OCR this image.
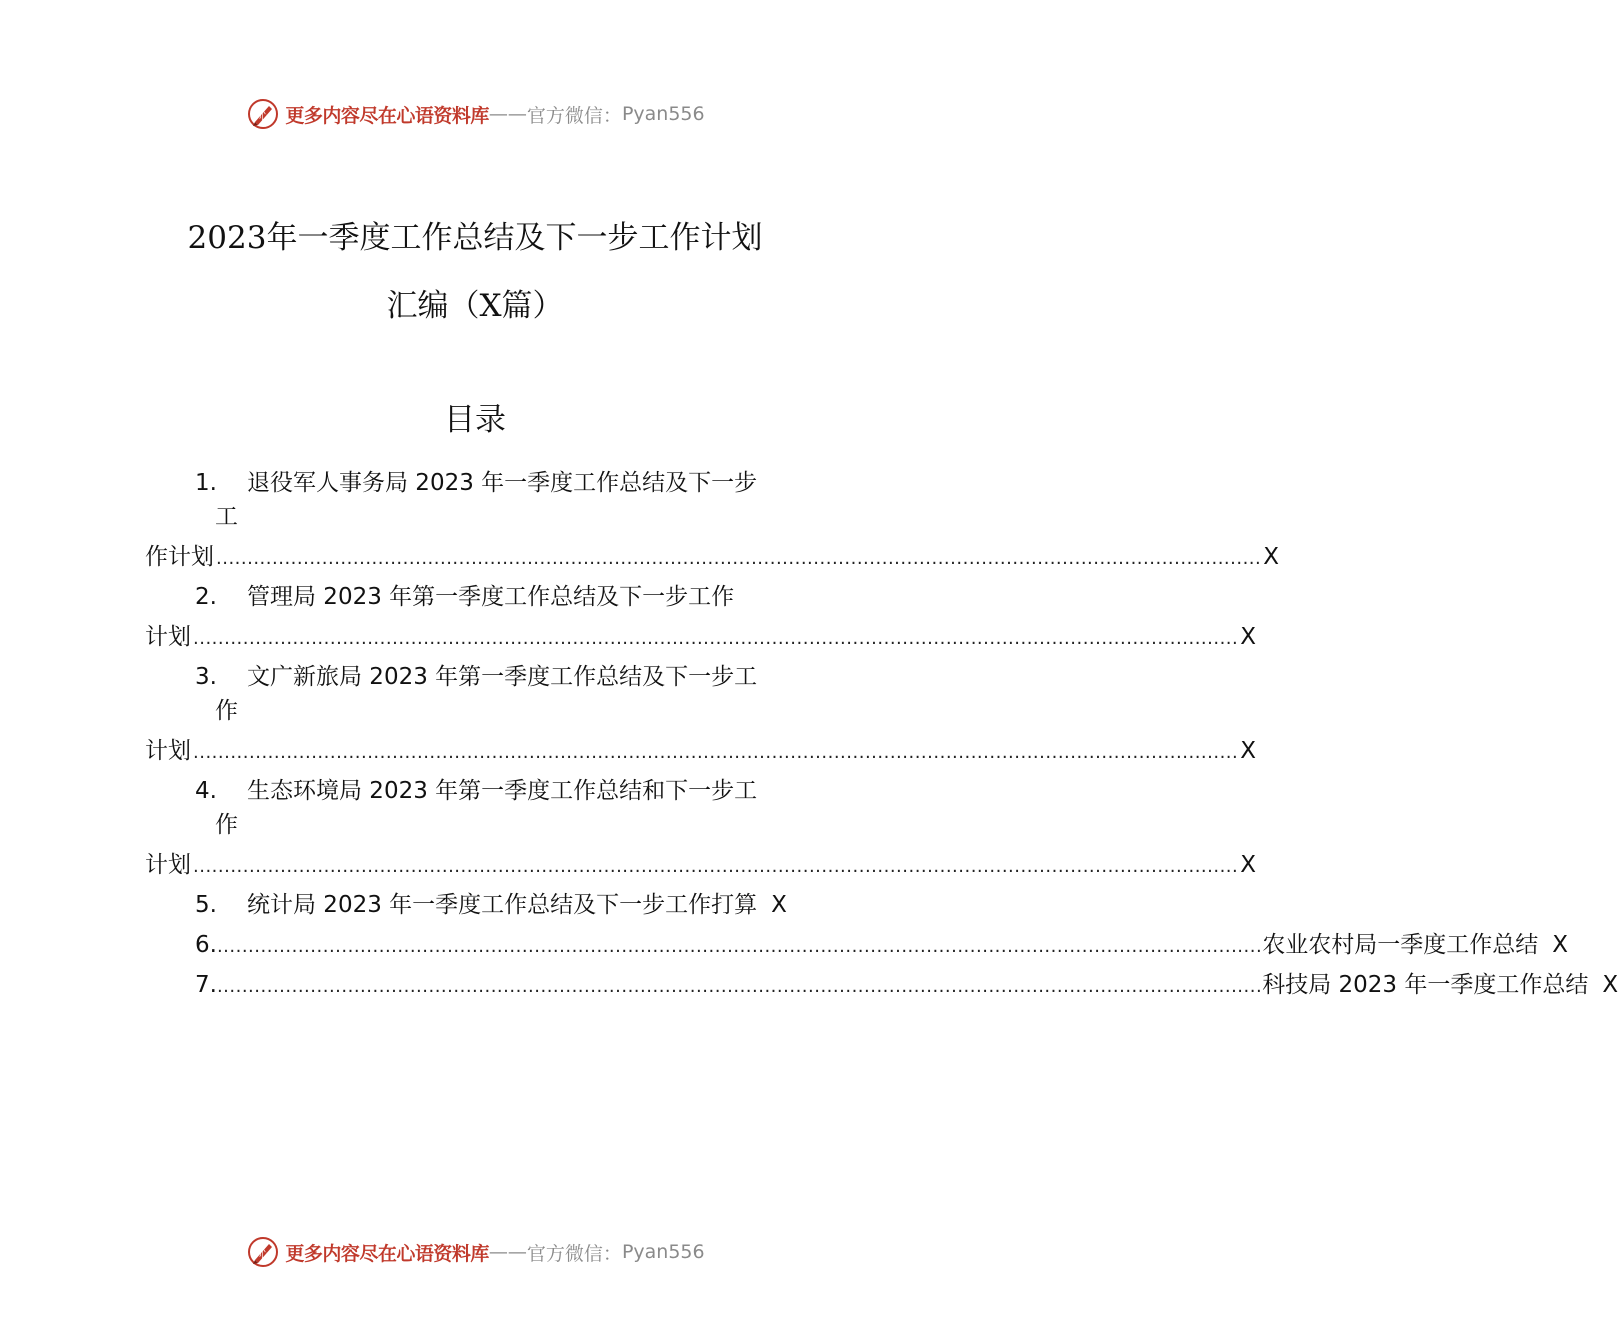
心 更多内容尽在心语资料库 —— 官方微信： Pyan556
2023年一季度工作总结及下一步工作计划
汇编（X篇）
目录
1. 退役军人事务局 2023 年一季度工作总结及下一步
工
作计划 ........................................................................................................................................................................ X
2. 管理局 2023 年第一季度工作总结及下一步工作
计划 ........................................................................................................................................................................ X
3. 文广新旅局 2023 年第一季度工作总结及下一步工
作
计划 ........................................................................................................................................................................ X
4. 生态环境局 2023 年第一季度工作总结和下一步工
作
计划 ........................................................................................................................................................................ X
5.	统计局 2023 年一季度工作总结及下一步工作打算 X
6. ........................................................................................................................................................................ 农业农村局一季度工作总结 X
7. ........................................................................................................................................................................ 科技局 2023 年一季度工作总结 X
心 更多内容尽在心语资料库 —— 官方微信： Pyan556
